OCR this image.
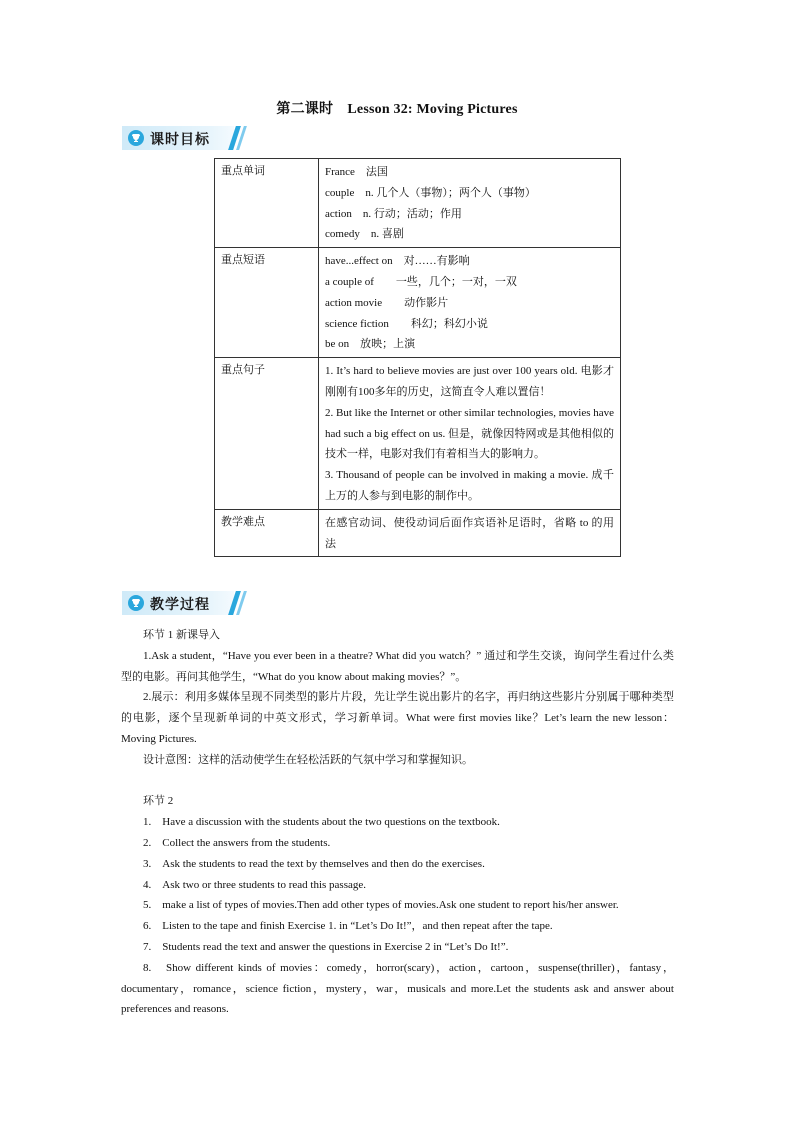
第二课时　Lesson 32: Moving Pictures
课时目标
重点单词	France　法国
couple　n. 几个人（事物）；两个人（事物）
action　n. 行动；活动；作用
comedy　n. 喜剧

重点短语	have...effect on　对……有影响
a couple of　　一些，几个；一对，一双
action movie　　动作影片
science fiction　　科幻；科幻小说
be on　放映；上演

重点句子	1. It’s hard to believe movies are just over 100 years old. 电影才刚刚有100多年的历史，这简直令人难以置信！
2. But like the Internet or other similar technologies, movies have had such a big effect on us. 但是，就像因特网或是其他相似的技术一样，电影对我们有着相当大的影响力。
3. Thousand of people can be involved in making a movie. 成千上万的人参与到电影的制作中。

教学难点	在感官动词、使役动词后面作宾语补足语时，省略 to 的用法
教学过程
环节 1 新课导入
1.Ask a student，“Have you ever been in a theatre? What did you watch？” 通过和学生交谈，询问学生看过什么类型的电影。再问其他学生，“What do you know about making movies？”。
2.展示：利用多媒体呈现不同类型的影片片段，先让学生说出影片的名字，再归纳这些影片分别属于哪种类型的电影，逐个呈现新单词的中英文形式，学习新单词。What were first movies like？Let’s learn the new lesson：Moving Pictures.
设计意图：这样的活动使学生在轻松活跃的气氛中学习和掌握知识。
环节 2
1.　Have a discussion with the students about the two questions on the textbook.
2.　Collect the answers from the students.
3.　Ask the students to read the text by themselves and then do the exercises.
4.　Ask two or three students to read this passage.
5.　make a list of types of movies.Then add other types of movies.Ask one student to report his/her answer.
6.　Listen to the tape and finish Exercise 1. in “Let’s Do It!”，and then repeat after the tape.
7.　Students read the text and answer the questions in Exercise 2 in “Let’s Do It!”.
8.　Show different kinds of movies：comedy，horror(scary)，action，cartoon，suspense(thriller)，fantasy，documentary，romance，science fiction，mystery，war，musicals and more.Let the students ask and answer about preferences and reasons.
